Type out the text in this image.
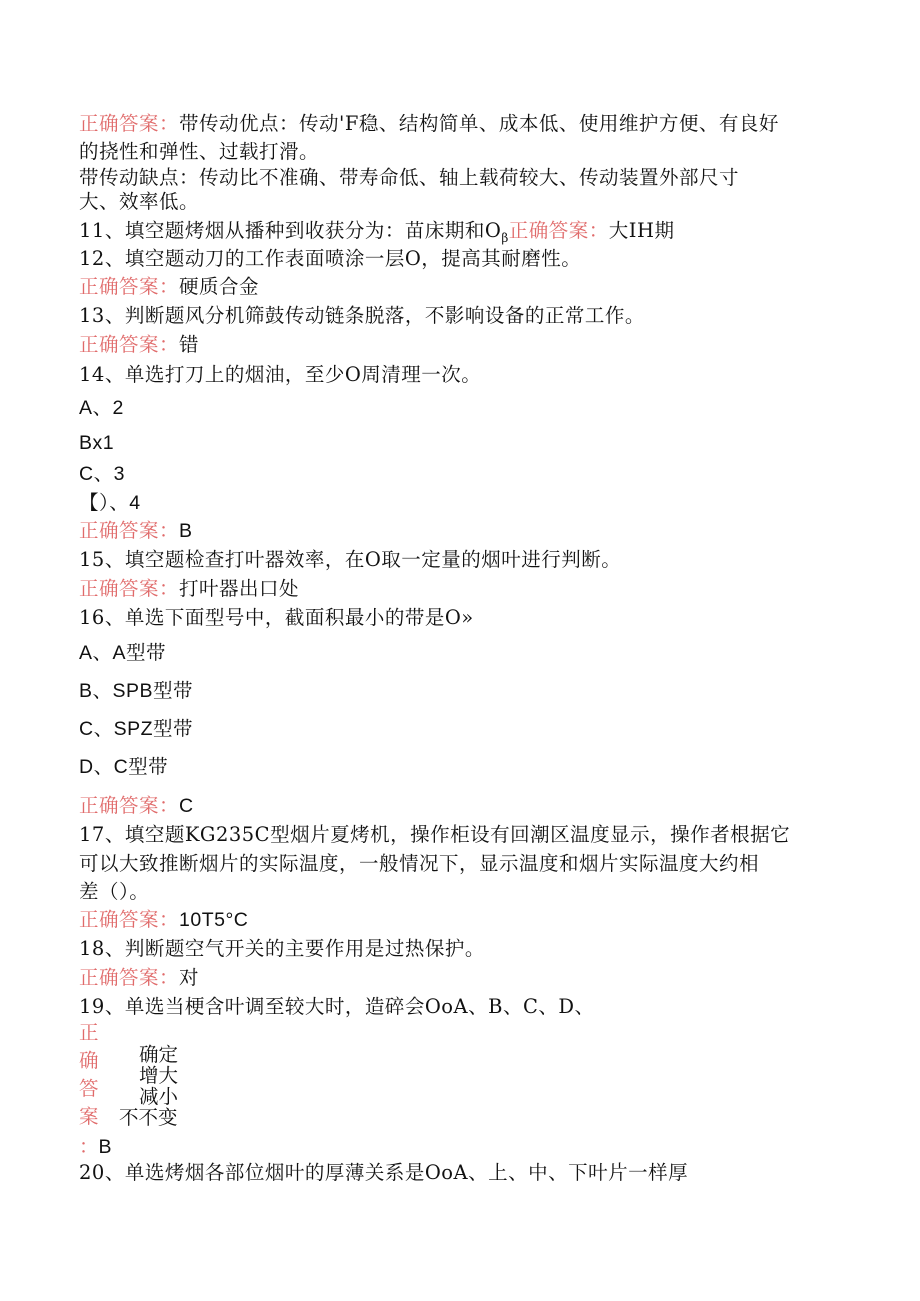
正确答案：带传动优点：传动'F稳、结构简单、成本低、使用维护方便、有良好
的挠性和弹性、过载打滑。
带传动缺点：传动比不准确、带寿命低、轴上载荷较大、传动装置外部尺寸
大、效率低。
11、填空题烤烟从播种到收获分为：苗床期和$O_\beta$正确答案：大IH期
12、填空题动刀的工作表面喷涂一层O，提高其耐磨性。
正确答案：硬质合金
13、判断题风分机筛鼓传动链条脱落，不影响设备的正常工作。
正确答案：错
14、单选打刀上的烟油，至少O周清理一次。
A、2
Bx1
C、3
【）、4
正确答案：B
15、填空题检查打叶器效率，在O取一定量的烟叶进行判断。
正确答案：打叶器出口处
16、单选下面型号中，截面积最小的带是O»
A、A型带
B、SPB型带
C、SPZ型带
D、C型带
正确答案：C
17、填空题KG235C型烟片夏烤机，操作柜设有回潮区温度显示，操作者根据它
可以大致推断烟片的实际温度，一般情况下，显示温度和烟片实际温度大约相
差（）。
正确答案：10T5°C
18、判断题空气开关的主要作用是过热保护。
正确答案：对
19、单选当梗含叶调至较大时，造碎会OoA、B、C、D、
正
确
答
案
：B
确定
增大
减小
不不变
20、单选烤烟各部位烟叶的厚薄关系是OoA、上、中、下叶片一样厚
